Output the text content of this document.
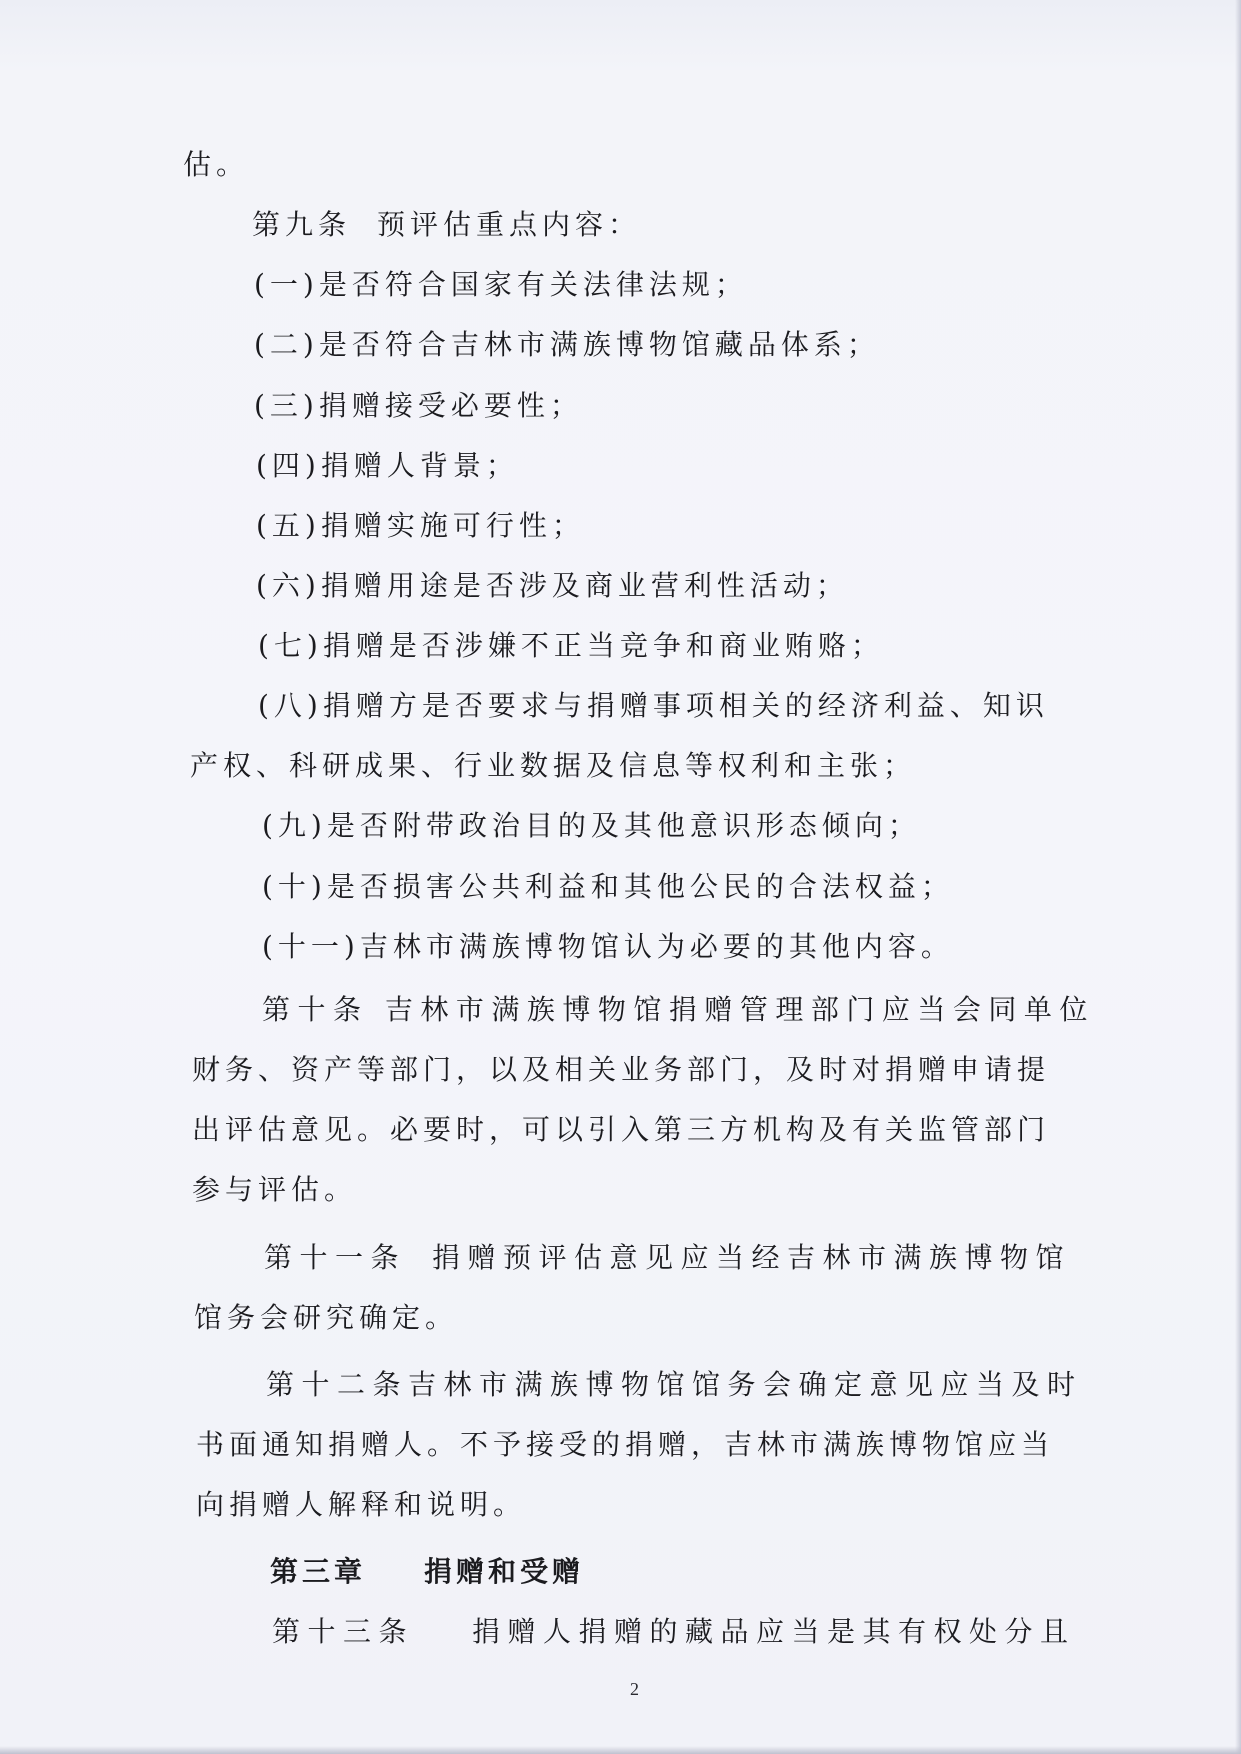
估。
第九条 预评估重点内容：
(一)是否符合国家有关法律法规；
(二)是否符合吉林市满族博物馆藏品体系；
(三)捐赠接受必要性；
(四)捐赠人背景；
(五)捐赠实施可行性；
(六)捐赠用途是否涉及商业营利性活动；
(七)捐赠是否涉嫌不正当竞争和商业贿赂；
(八)捐赠方是否要求与捐赠事项相关的经济利益、知识
产权、科研成果、行业数据及信息等权利和主张；
(九)是否附带政治目的及其他意识形态倾向；
(十)是否损害公共利益和其他公民的合法权益；
(十一)吉林市满族博物馆认为必要的其他内容。
第十条 吉林市满族博物馆捐赠管理部门应当会同单位
财务、资产等部门，以及相关业务部门，及时对捐赠申请提
出评估意见。必要时，可以引入第三方机构及有关监管部门
参与评估。
第十一条 捐赠预评估意见应当经吉林市满族博物馆
馆务会研究确定。
第十二条吉林市满族博物馆馆务会确定意见应当及时
书面通知捐赠人。不予接受的捐赠，吉林市满族博物馆应当
向捐赠人解释和说明。
第三章 捐赠和受赠
第十三条 捐赠人捐赠的藏品应当是其有权处分且
2
